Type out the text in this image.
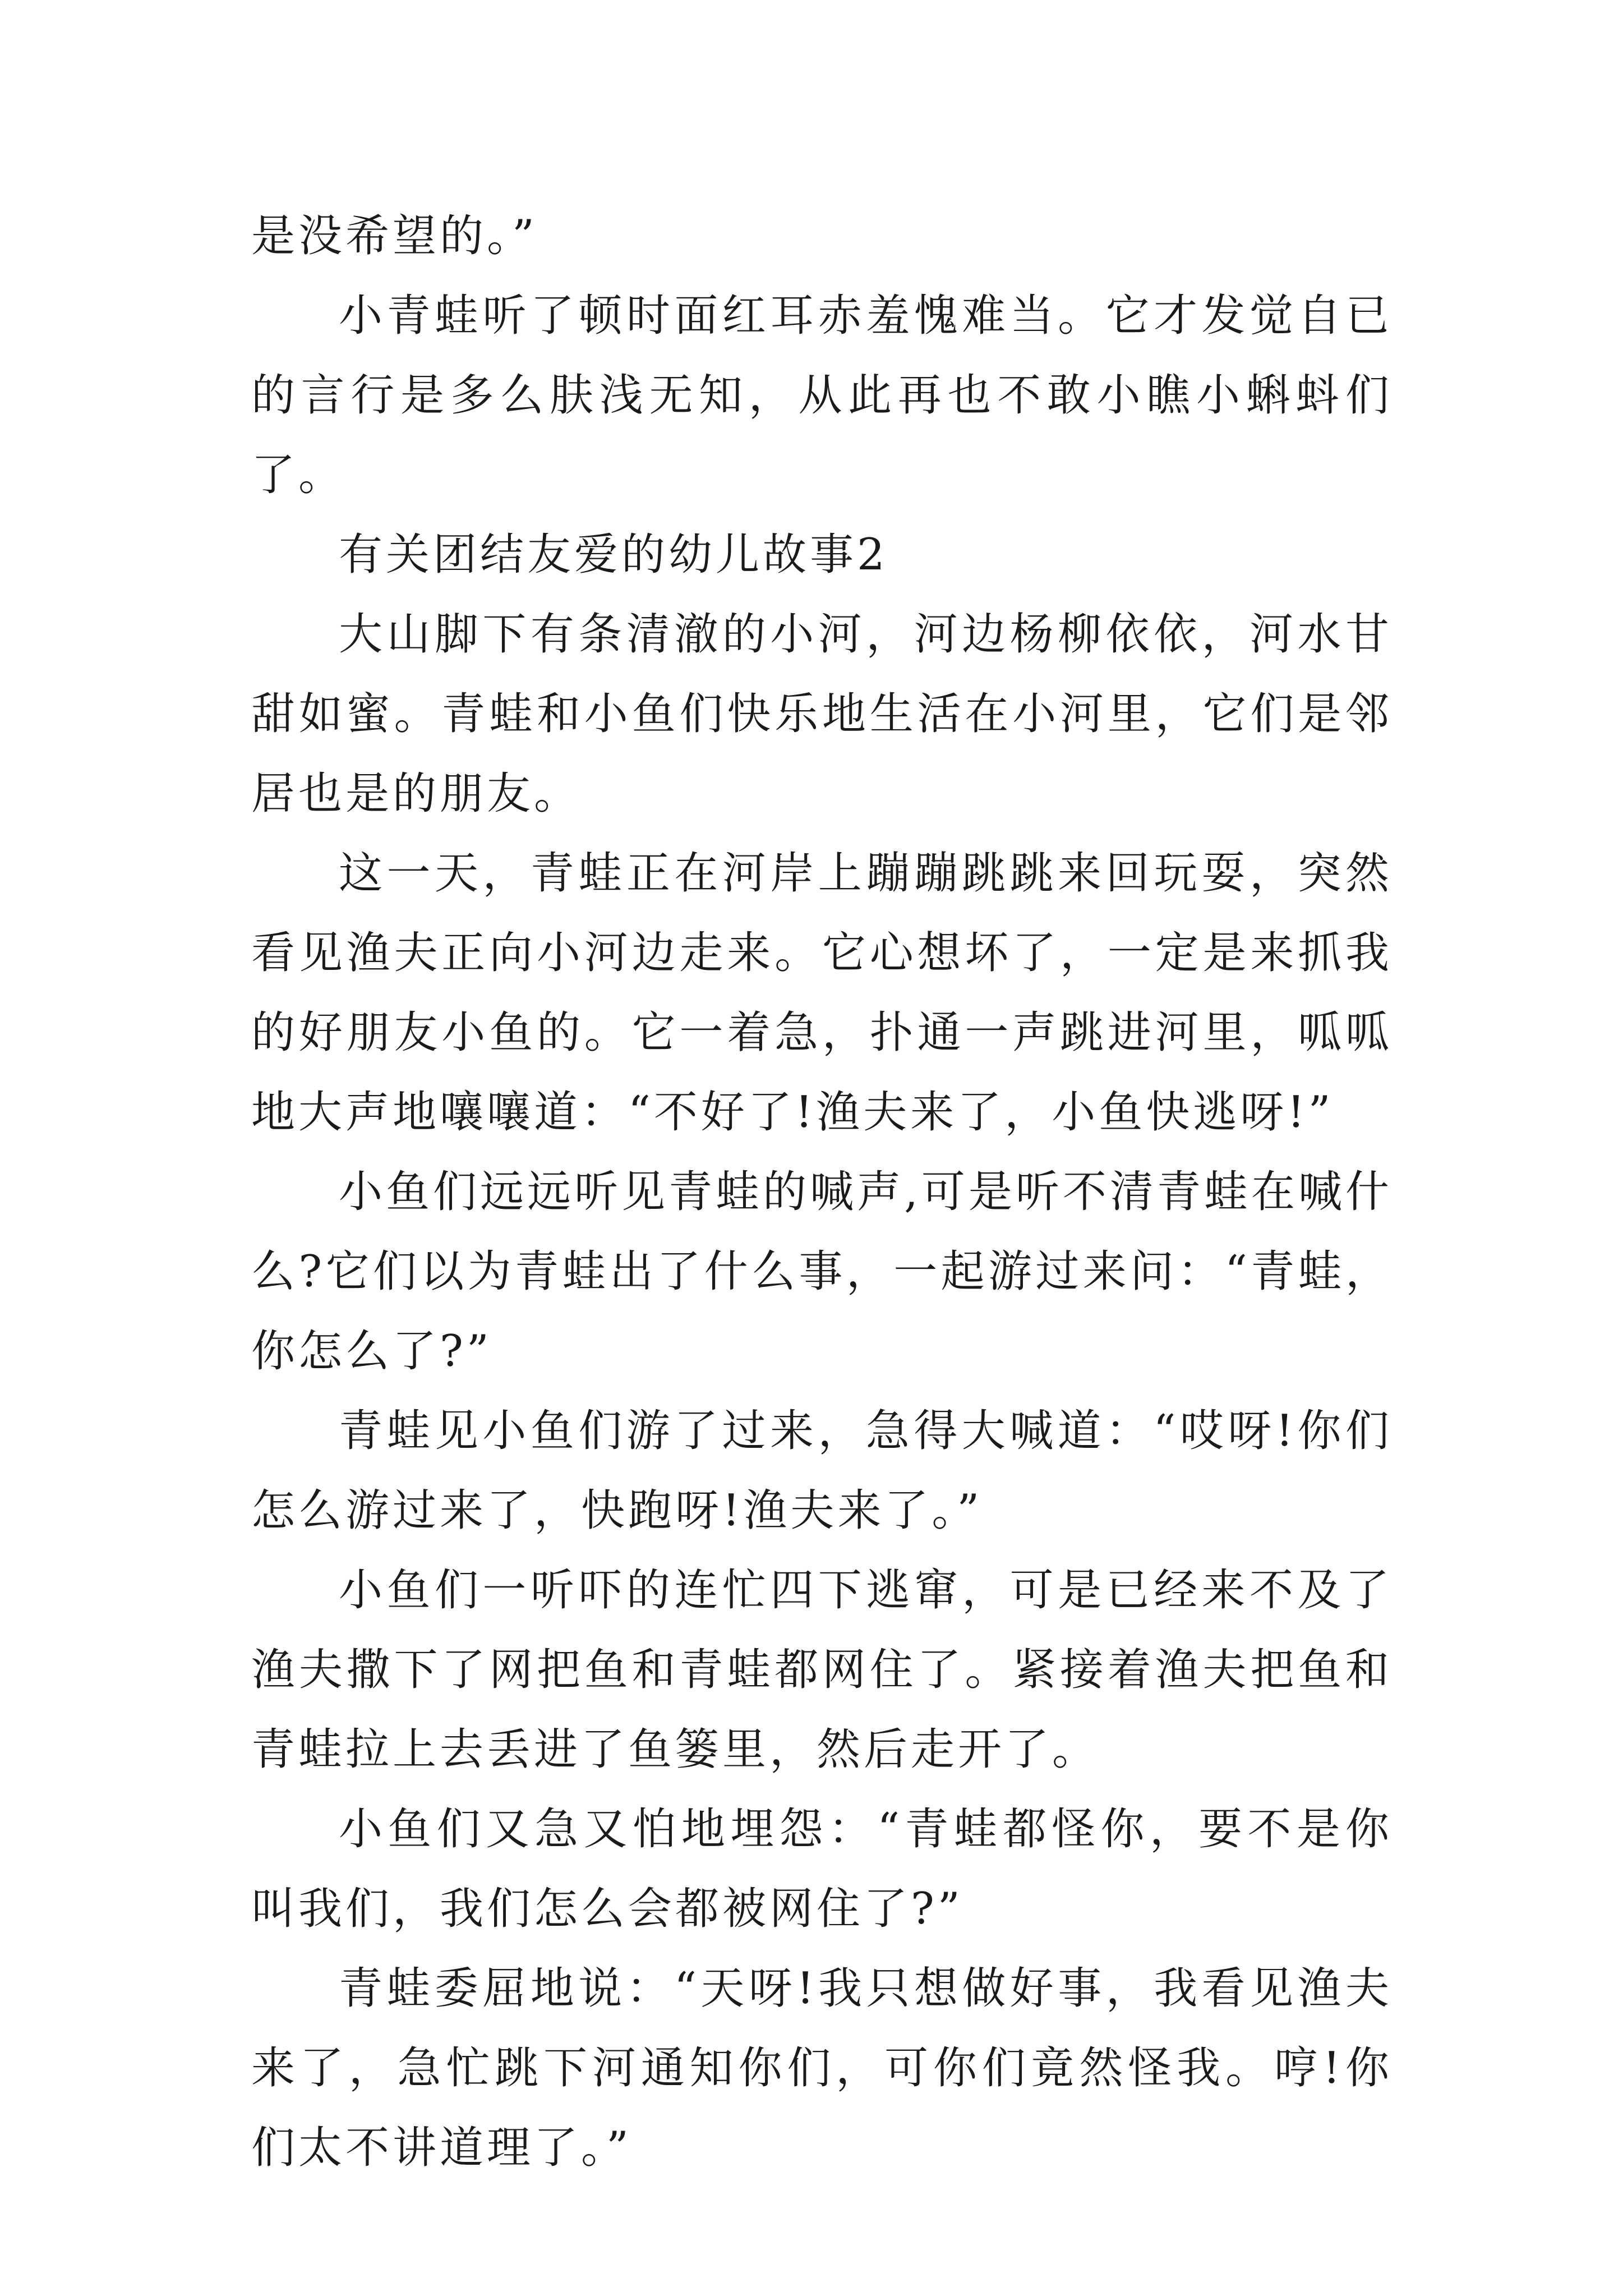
是没希望的。”

小青蛙听了顿时面红耳赤羞愧难当。它才发觉自已的言行是多么肤浅无知，从此再也不敢小瞧小蝌蚪们了。

有关团结友爱的幼儿故事2

大山脚下有条清澈的小河，河边杨柳依依，河水甘甜如蜜。青蛙和小鱼们快乐地生活在小河里，它们是邻居也是的朋友。

这一天，青蛙正在河岸上蹦蹦跳跳来回玩耍，突然看见渔夫正向小河边走来。它心想坏了，一定是来抓我的好朋友小鱼的。它一着急，扑通一声跳进河里，呱呱地大声地嚷嚷道：“不好了!渔夫来了，小鱼快逃呀!”

小鱼们远远听见青蛙的喊声,可是听不清青蛙在喊什么?它们以为青蛙出了什么事，一起游过来问：“青蛙，你怎么了?”

青蛙见小鱼们游了过来，急得大喊道：“哎呀!你们怎么游过来了，快跑呀!渔夫来了。”

小鱼们一听吓的连忙四下逃窜，可是已经来不及了渔夫撒下了网把鱼和青蛙都网住了。紧接着渔夫把鱼和青蛙拉上去丢进了鱼篓里，然后走开了。

小鱼们又急又怕地埋怨：“青蛙都怪你，要不是你叫我们，我们怎么会都被网住了?”

青蛙委屈地说：“天呀!我只想做好事，我看见渔夫来了，急忙跳下河通知你们，可你们竟然怪我。哼!你们太不讲道理了。”
